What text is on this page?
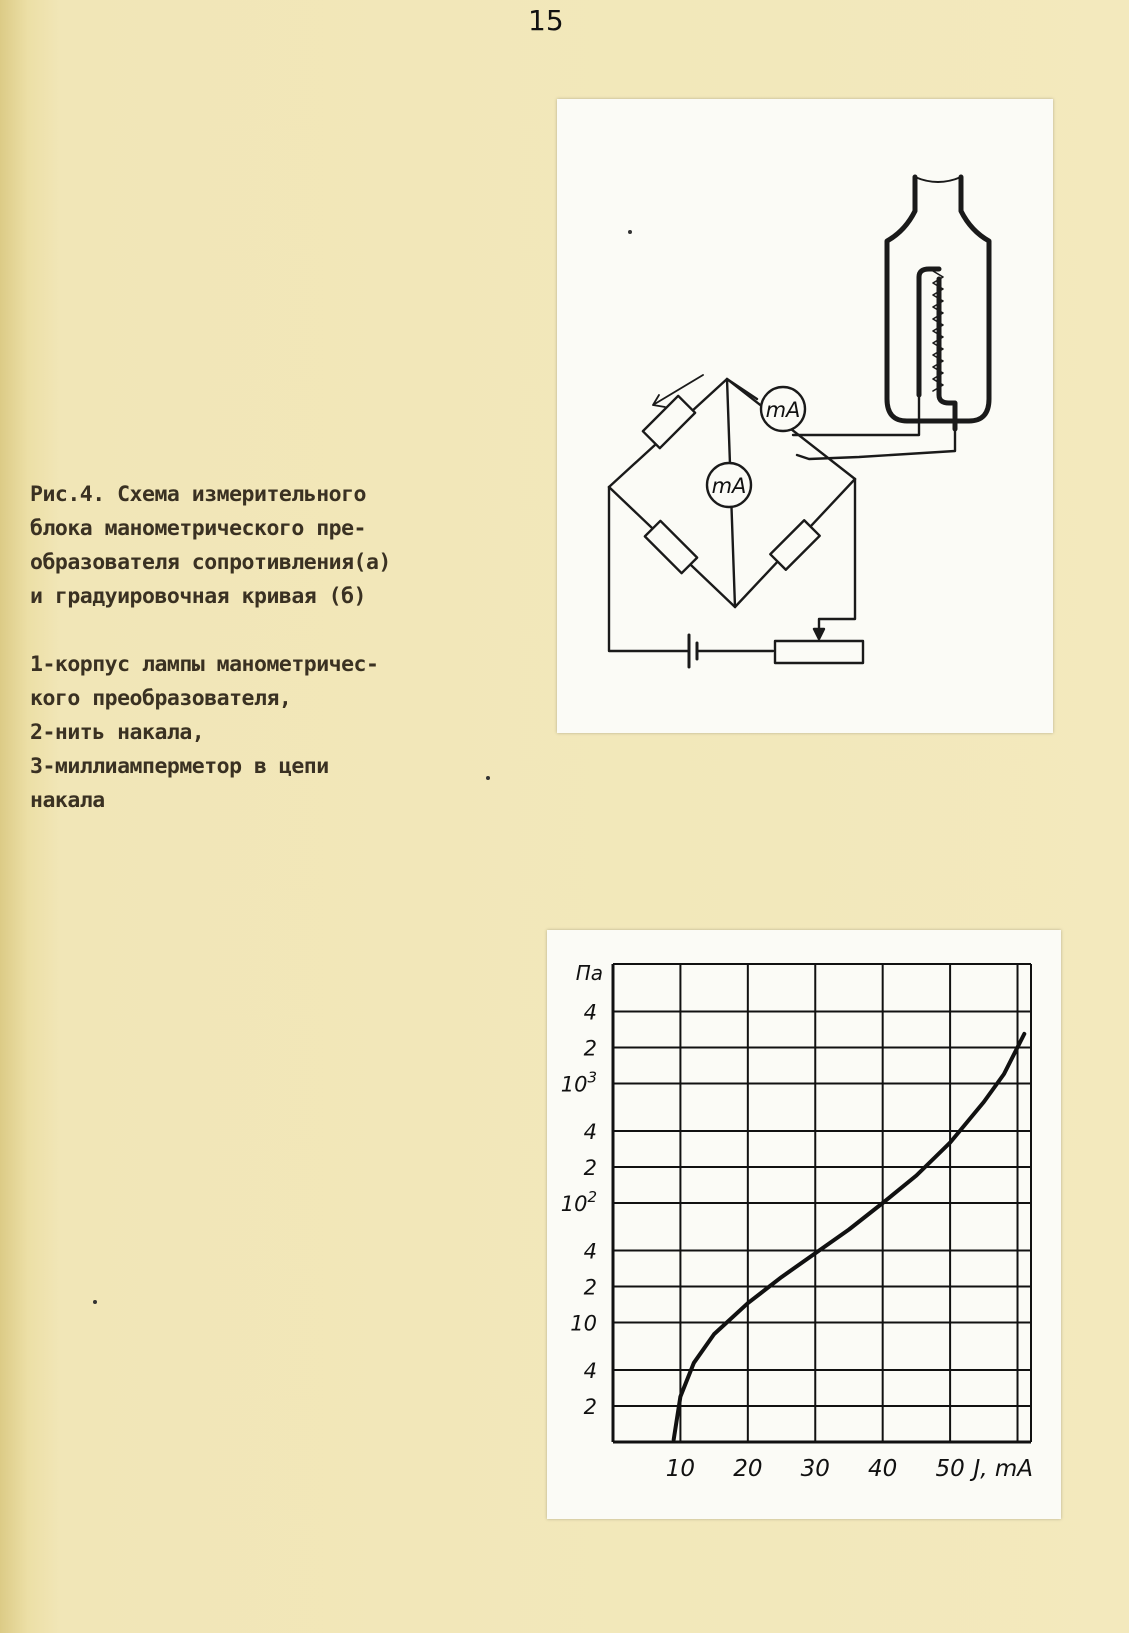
15

Рис.4. Схема измерительного

блока манометрического пре-

образователя сопротивления(а)

и градуировочная кривая (б)

1-корпус лампы манометричес-

кого преобразователя,

2-нить накала,

3-миллиамперметор в цепи

накала

mA
mA
Па
4
2
$10^3$
4
2
$10^2$
4
2
10
4
2
10 20 30 40 50 J, mA
